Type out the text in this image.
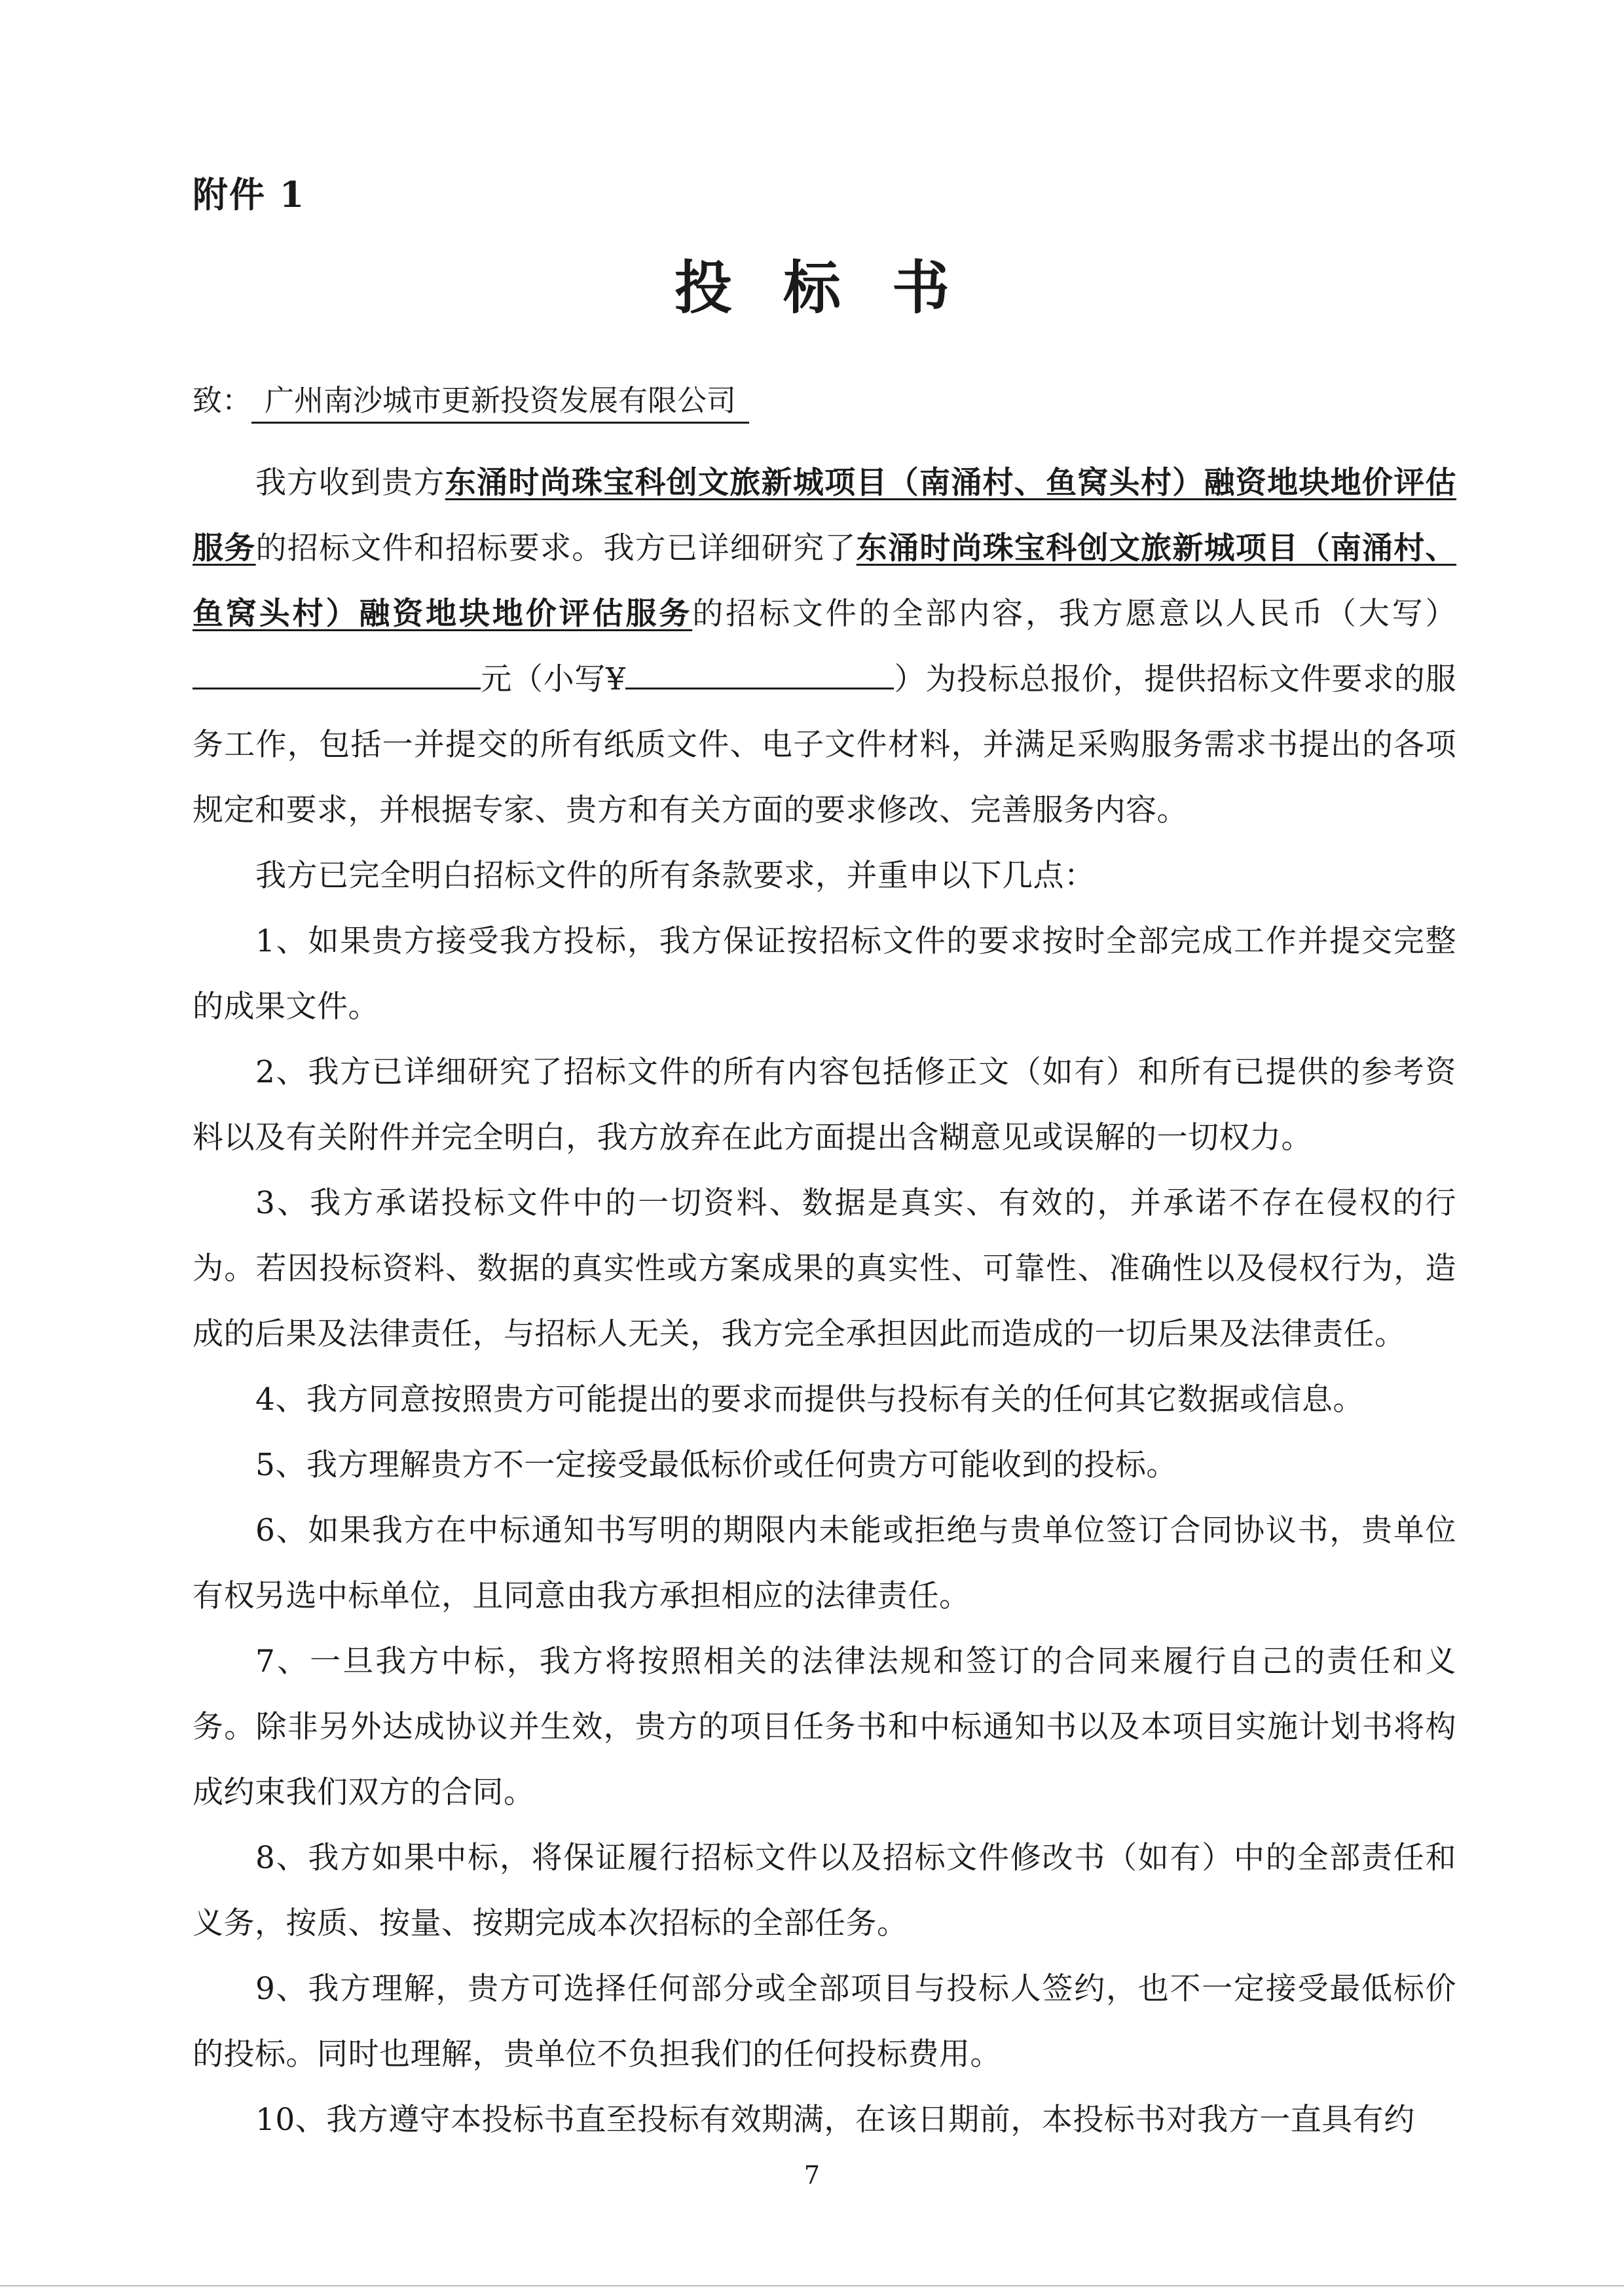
附件 1
投标书
致： 广州南沙城市更新投资发展有限公司

我方收到贵方东涌时尚珠宝科创文旅新城项目（南涌村、鱼窝头村）融资地块地价评估服务的招标文件和招标要求。我方已详细研究了东涌时尚珠宝科创文旅新城项目（南涌村、鱼窝头村）融资地块地价评估服务的招标文件的全部内容，我方愿意以人民币（大写）元（小写¥	）为投标总报价，提供招标文件要求的服务工作，包括一并提交的所有纸质文件、电子文件材料，并满足采购服务需求书提出的各项规定和要求，并根据专家、贵方和有关方面的要求修改、完善服务内容。

我方已完全明白招标文件的所有条款要求，并重申以下几点：

1、如果贵方接受我方投标，我方保证按招标文件的要求按时全部完成工作并提交完整的成果文件。

2、我方已详细研究了招标文件的所有内容包括修正文（如有）和所有已提供的参考资料以及有关附件并完全明白，我方放弃在此方面提出含糊意见或误解的一切权力。

3、我方承诺投标文件中的一切资料、数据是真实、有效的，并承诺不存在侵权的行为。若因投标资料、数据的真实性或方案成果的真实性、可靠性、准确性以及侵权行为，造成的后果及法律责任，与招标人无关，我方完全承担因此而造成的一切后果及法律责任。

4、我方同意按照贵方可能提出的要求而提供与投标有关的任何其它数据或信息。

5、我方理解贵方不一定接受最低标价或任何贵方可能收到的投标。

6、如果我方在中标通知书写明的期限内未能或拒绝与贵单位签订合同协议书，贵单位有权另选中标单位，且同意由我方承担相应的法律责任。

7、一旦我方中标，我方将按照相关的法律法规和签订的合同来履行自己的责任和义务。除非另外达成协议并生效，贵方的项目任务书和中标通知书以及本项目实施计划书将构成约束我们双方的合同。

8、我方如果中标，将保证履行招标文件以及招标文件修改书（如有）中的全部责任和义务，按质、按量、按期完成本次招标的全部任务。

9、我方理解，贵方可选择任何部分或全部项目与投标人签约，也不一定接受最低标价的投标。同时也理解，贵单位不负担我们的任何投标费用。

10、我方遵守本投标书直至投标有效期满，在该日期前，本投标书对我方一直具有约

7
